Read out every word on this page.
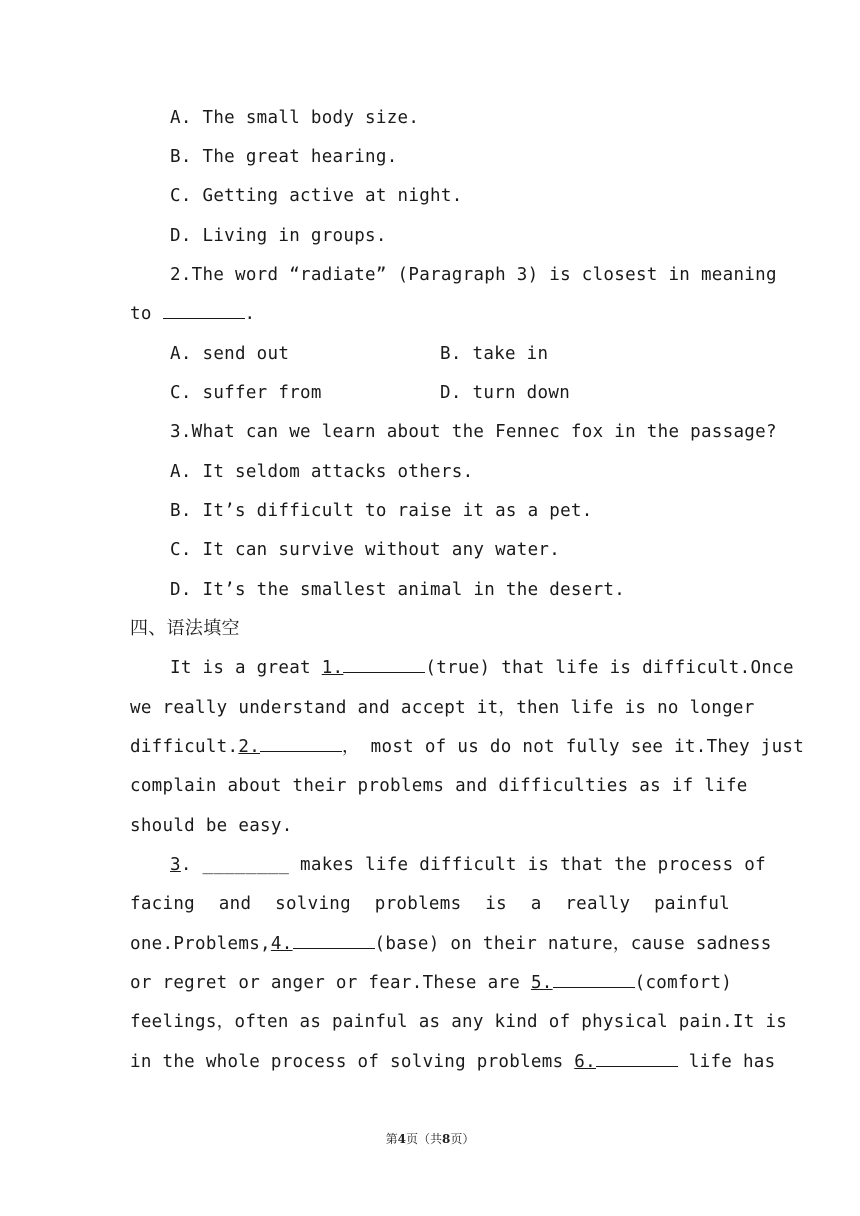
A. The small body size.
B. The great hearing.
C. Getting active at night.
D. Living in groups.
2.The word “radiate” (Paragraph 3) is closest in meaning
to	.
A. send out	B. take in
C. suffer from	D. turn down
3.What can we learn about the Fennec fox in the passage?
A. It seldom attacks others.
B. It’s difficult to raise it as a pet.
C. It can survive without any water.
D. It’s the smallest animal in the desert.
四、语法填空
It is a great 1.	(true) that life is difficult.Once
we really understand and accept it，then life is no longer
difficult.2.	， most of us do not fully see it.They just
complain about their problems and difficulties as if life
should be easy.
3. ________ makes life difficult is that the process of
facing and solving problems is a really painful
one.Problems,4.	(base) on their nature，cause sadness
or regret or anger or fear.These are 5.	(comfort)
feelings，often as painful as any kind of physical pain.It is
in the whole process of solving problems 6.	life has
第4页（共8页）
